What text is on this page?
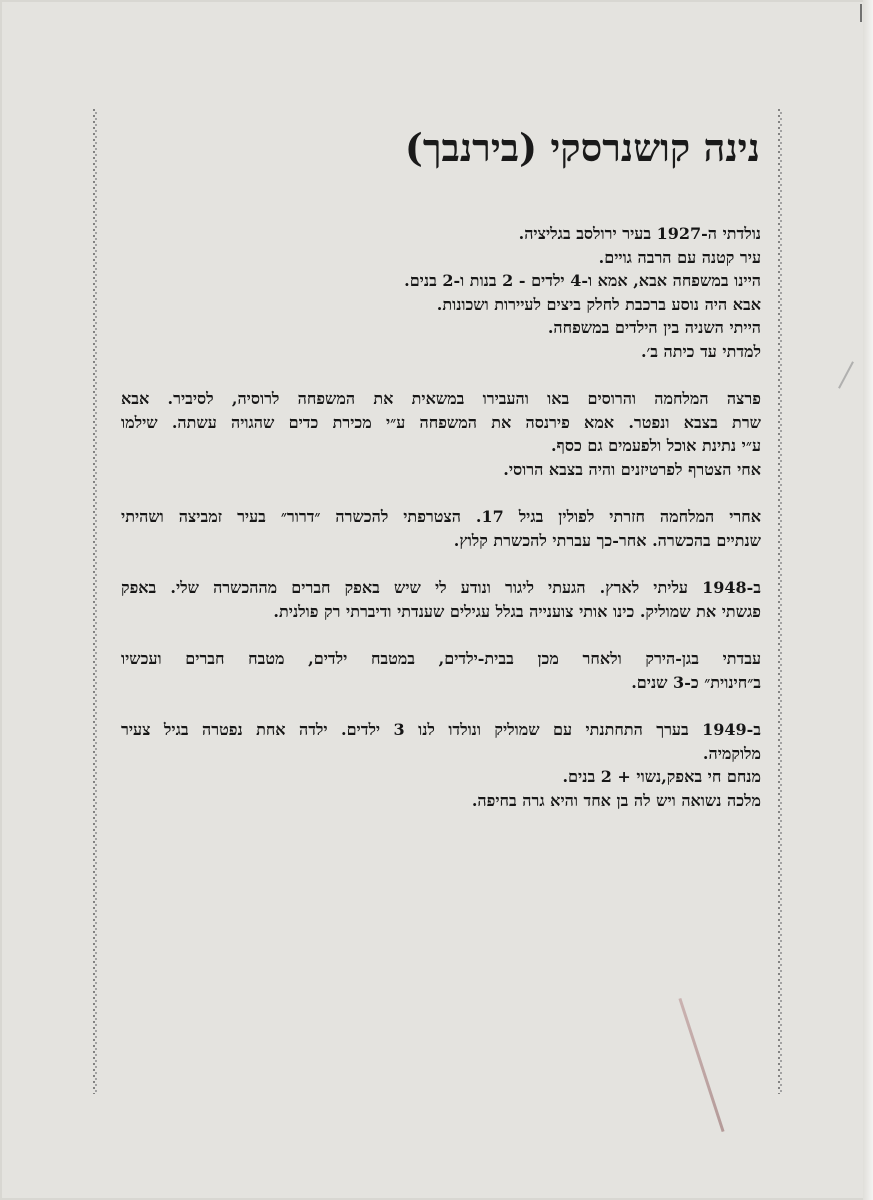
נינה קושנרסקי (בירנבך)
נולדתי ה-1927 בעיר ירולסב בגליציה.
עיר קטנה עם הרבה גויים.
היינו במשפחה אבא, אמא ו-4 ילדים - 2 בנות ו-2 בנים.
אבא היה נוסע ברכבת לחלק ביצים לעיירות ושכונות.
הייתי השניה בין הילדים במשפחה.
למדתי עד כיתה ב׳.
פרצה המלחמה והרוסים באו והעבירו במשאית את המשפחה לרוסיה, לסיביר. אבא
שרת בצבא ונפטר. אמא פירנסה את המשפחה ע״י מכירת כדים שהגויה עשתה. שילמו
ע״י נתינת אוכל ולפעמים גם כסף.
אחי הצטרף לפרטיזנים והיה בצבא הרוסי.
אחרי המלחמה חזרתי לפולין בגיל 17. הצטרפתי להכשרה ״דרור״ בעיר זמביצה ושהיתי
שנתיים בהכשרה. אחר-כך עברתי להכשרת קלוץ.
ב-1948 עליתי לארץ. הגעתי ליגור ונודע לי שיש באפק חברים מההכשרה שלי. באפק
פגשתי את שמוליק. כינו אותי צוענייה בגלל עגילים שענדתי ודיברתי רק פולנית.
עבדתי בגן-הירק ולאחר מכן בבית-ילדים, במטבח ילדים, מטבח חברים ועכשיו
ב״חינוית״ כ-3 שנים.
ב-1949 בערך התחתנתי עם שמוליק ונולדו לנו 3 ילדים. ילדה אחת נפטרה בגיל צעיר
מלוקמיה.
מנחם חי באפק,נשוי + 2 בנים.
מלכה נשואה ויש לה בן אחד והיא גרה בחיפה.
